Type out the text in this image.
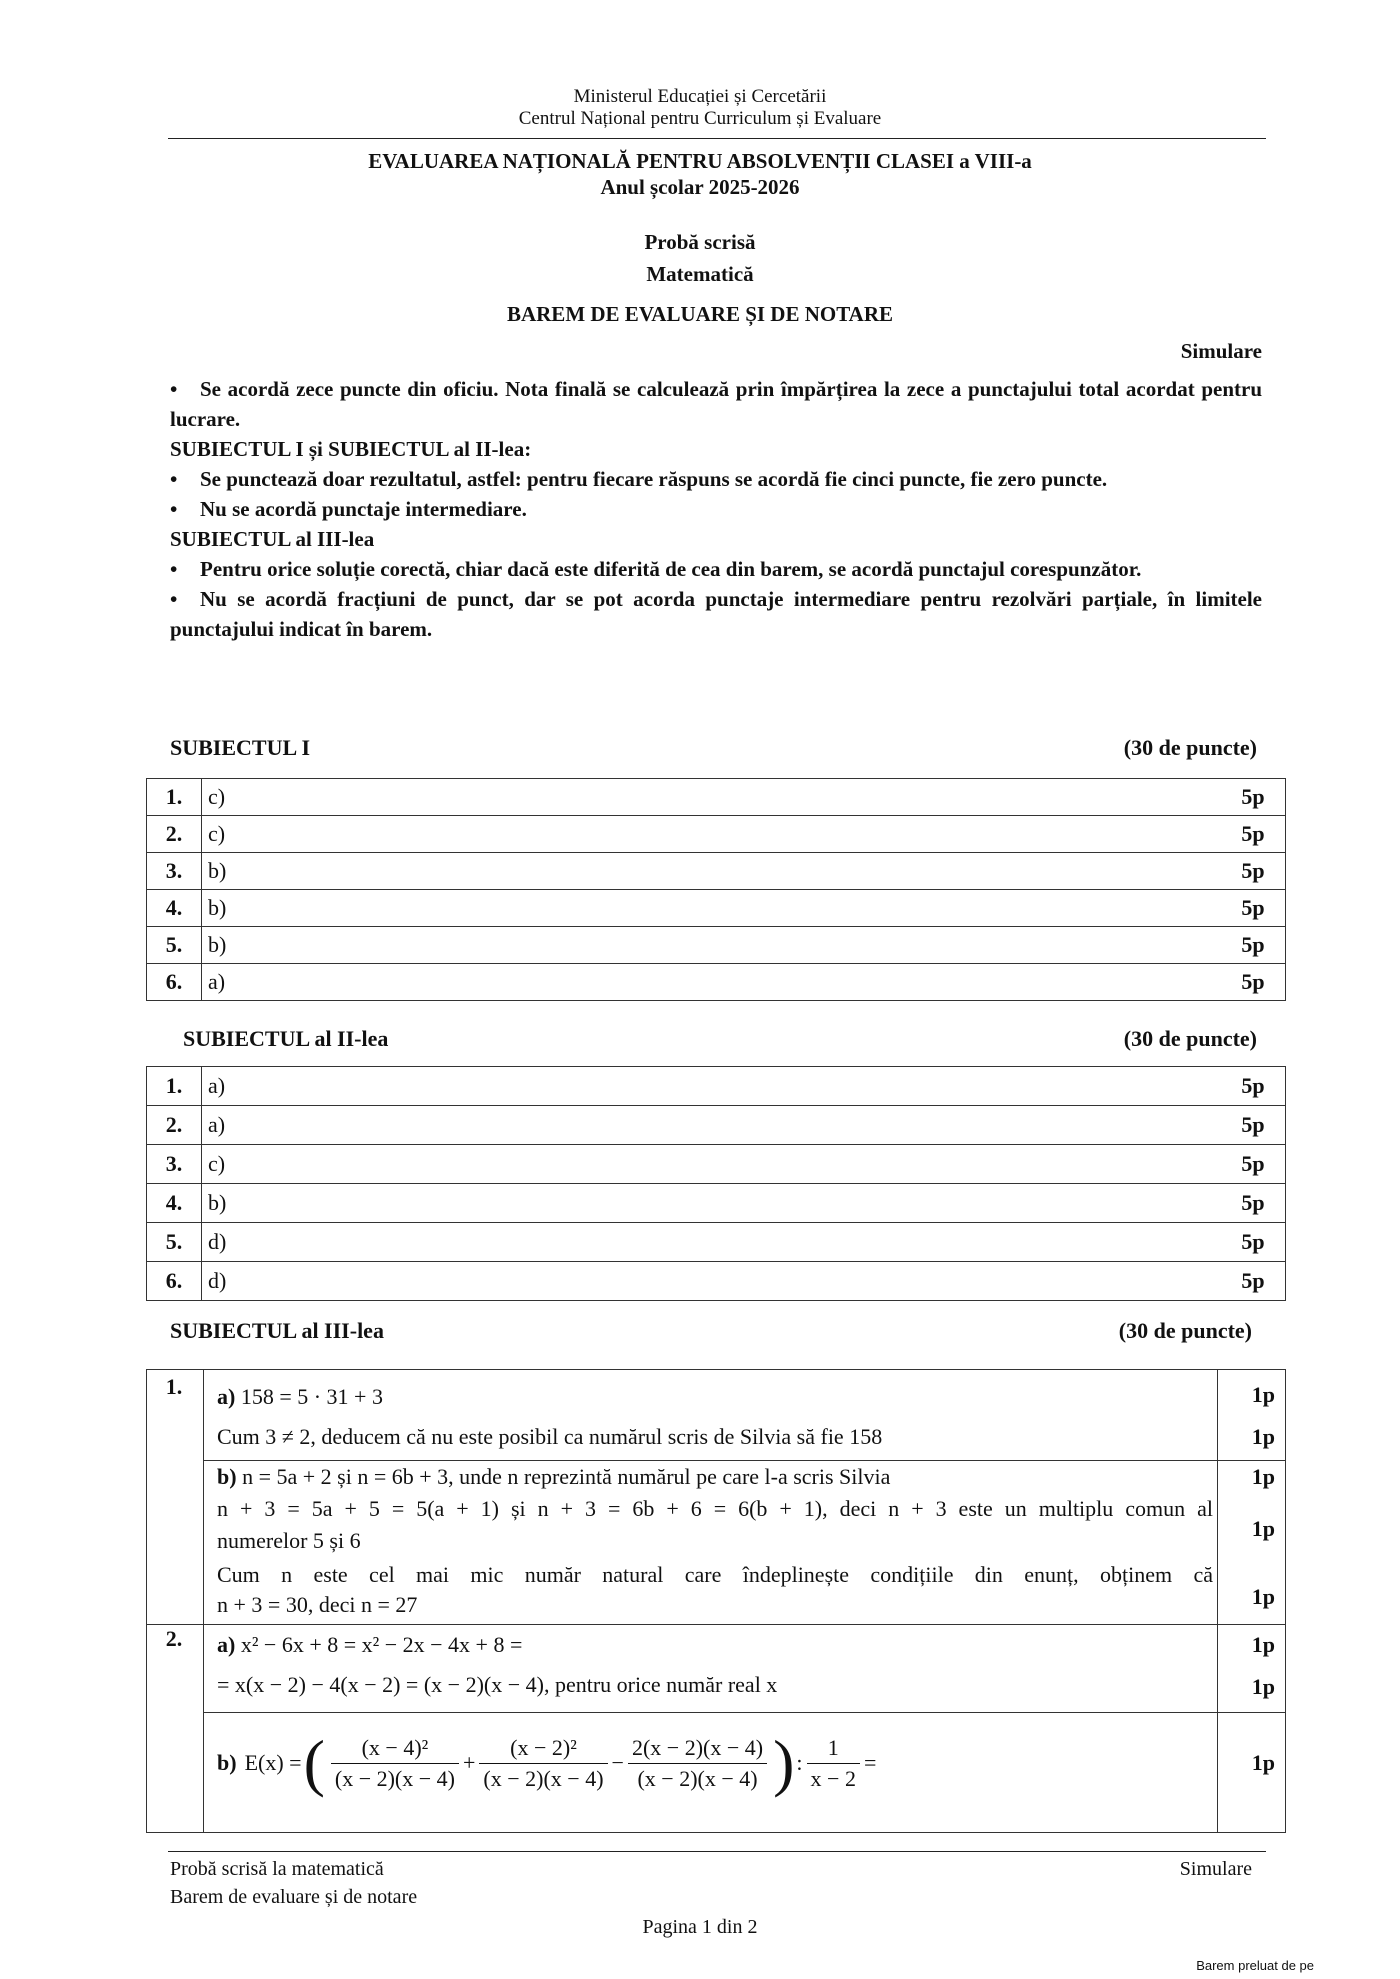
Ministerul Educației și Cercetării
Centrul Național pentru Curriculum și Evaluare
EVALUAREA NAȚIONALĂ PENTRU ABSOLVENȚII CLASEI a VIII-a
Anul școlar 2025-2026
Probă scrisă
Matematică
BAREM DE EVALUARE ȘI DE NOTARE
Simulare

• Se acordă zece puncte din oficiu. Nota finală se calculează prin împărțirea la zece a punctajului total acordat pentru lucrare.

SUBIECTUL I și SUBIECTUL al II-lea:

• Se punctează doar rezultatul, astfel: pentru fiecare răspuns se acordă fie cinci puncte, fie zero puncte.

• Nu se acordă punctaje intermediare.

SUBIECTUL al III-lea

• Pentru orice soluție corectă, chiar dacă este diferită de cea din barem, se acordă punctajul corespunzător.

• Nu se acordă fracțiuni de punct, dar se pot acorda punctaje intermediare pentru rezolvări parțiale, în limitele punctajului indicat în barem.

SUBIECTUL I	(30 de puncte)
1.	c)	5p
2.	c)	5p
3.	b)	5p
4.	b)	5p
5.	b)	5p
6.	a)	5p
SUBIECTUL al II-lea	(30 de puncte)
1.	a)	5p
2.	a)	5p
3.	c)	5p
4.	b)	5p
5.	d)	5p
6.	d)	5p
SUBIECTUL al III-lea	(30 de puncte)
1.	a) 158 = 5 · 31 + 3	1p
Cum 3 ≠ 2, deducem că nu este posibil ca numărul scris de Silvia să fie 158	1p
b) n = 5a + 2 și n = 6b + 3, unde n reprezintă numărul pe care l-a scris Silvia	1p
n + 3 = 5a + 5 = 5(a + 1) și n + 3 = 6b + 6 = 6(b + 1), deci n + 3 este un multiplu comun al
numerelor 5 și 6	1p
Cum n este cel mai mic număr natural care îndeplinește condițiile din enunț, obținem că
n + 3 = 30, deci n = 27	1p
2.	a) x² − 6x + 8 = x² − 2x − 4x + 8 =	1p
= x(x − 2) − 4(x − 2) = (x − 2)(x − 4), pentru orice număr real x	1p
b) E(x) = ( $\frac{\text{(x − 4)²}}{(x - 2)(x - 4)} + \frac{\text{(x − 2)²}}{(x - 2)(x - 4)} - \frac{2(x - 2)(x - 4)}{(x - 2)(x - 4)}$ ) : $\frac{1}{x - 2}$ =	1p
Probă scrisă la matematică
Barem de evaluare și de notare
Simulare
Pagina 1 din 2
Barem preluat de pe
